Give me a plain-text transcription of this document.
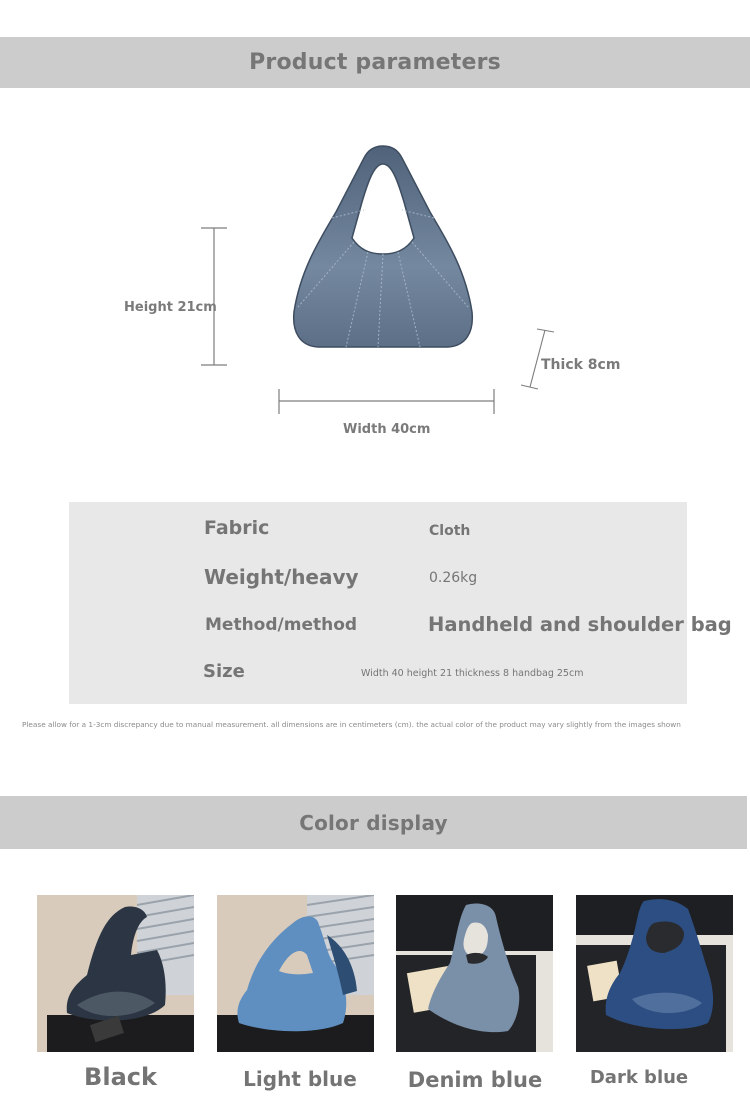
Product parameters
Height 21cm
Width 40cm
Thick 8cm
Fabric	Cloth
Weight/heavy	0.26kg
Method/method	Handheld and shoulder bag
Size	Width 40 height 21 thickness 8 handbag 25cm
Please allow for a 1-3cm discrepancy due to manual measurement. all dimensions are in centimeters (cm). the actual color of the product may vary slightly from the images shown
Color display
Black	Light blue	Denim blue	Dark blue
